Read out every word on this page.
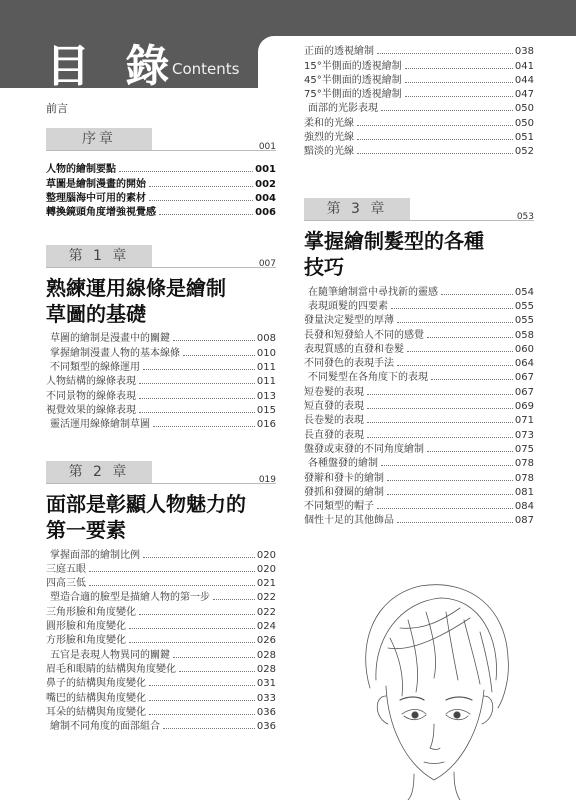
目 錄
Contents
前言
序章	001
人物的繪制要點	001
草圖是繪制漫畫的開始	002
整理腦海中可用的素材	004
轉換鏡頭角度增強視覺感	006
第 1 章	007
熟練運用線條是繪制
草圖的基礎
草圖的繪制是漫畫中的關鍵	008
掌握繪制漫畫人物的基本線條	010
不同類型的線條運用	011
人物結構的線條表現	011
不同景物的線條表現	013
視覺效果的線條表現	015
靈活運用線條繪制草圖	016
第 2 章	019
面部是彰顯人物魅力的
第一要素
掌握面部的繪制比例	020
三庭五眼	020
四高三低	021
塑造合適的臉型是描繪人物的第一步	022
三角形臉和角度變化	022
圓形臉和角度變化	024
方形臉和角度變化	026
五官是表現人物異同的關鍵	028
眉毛和眼睛的結構與角度變化	028
鼻子的結構與角度變化	031
嘴巴的結構與角度變化	033
耳朵的結構與角度變化	036
繪制不同角度的面部組合	036
正面的透視繪制	038
15°半側面的透視繪制	041
45°半側面的透視繪制	044
75°半側面的透視繪制	047
面部的光影表現	050
柔和的光線	050
強烈的光線	051
黯淡的光線	052
第 3 章	053
掌握繪制髮型的各種
技巧
在隨筆繪制當中尋找新的靈感	054
表現頭髮的四要素	055
發量決定髮型的厚薄	055
長發和短發給人不同的感覺	058
表現質感的直發和卷髮	060
不同發色的表現手法	064
不同髮型在各角度下的表現	067
短卷髮的表現	067
短直發的表現	069
長卷髮的表現	071
長直發的表現	073
盤發或束發的不同角度繪制	075
各種盤發的繪制	078
發辮和發卡的繪制	078
發抓和發圈的繪制	081
不同類型的帽子	084
個性十足的其他飾品	087
